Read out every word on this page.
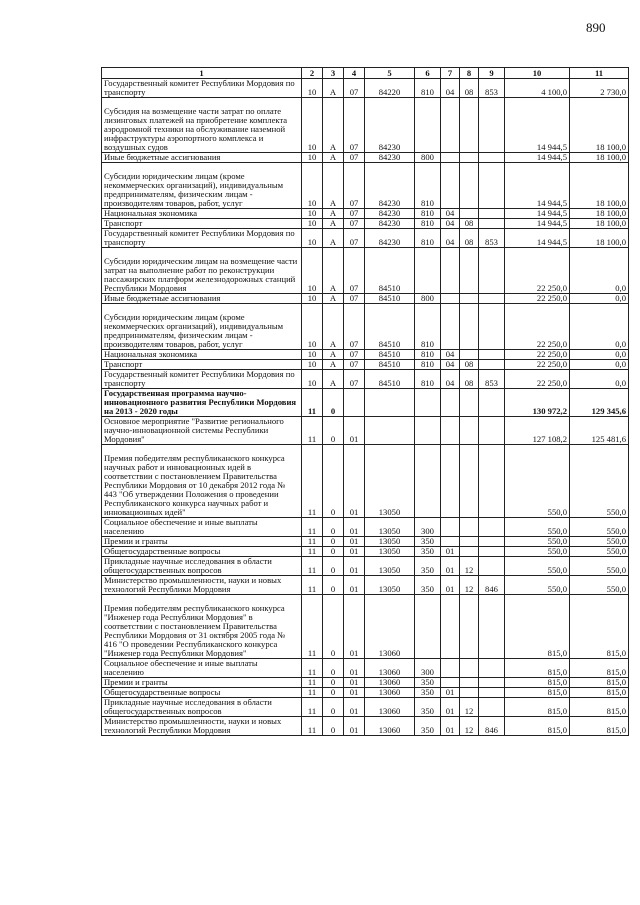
890
1	2	3	4	5	6	7	8	9	10	11
Государственный комитет Республики Мордовия по транспорту	10	А	07	84220	810	04	08	853	4 100,0	2 730,0
Субсидия на возмещение части затрат по оплате лизинговых платежей на приобретение комплекта аэродромной техники на обслуживание наземной инфраструктуры аэропортного комплекса и воздушных судов	10	А	07	84230					14 944,5	18 100,0
Иные бюджетные ассигнования	10	А	07	84230	800				14 944,5	18 100,0
Субсидии юридическим лицам (кроме некоммерческих организаций), индивидуальным предпринимателям, физическим лицам - производителям товаров, работ, услуг	10	А	07	84230	810				14 944,5	18 100,0
Национальная экономика	10	А	07	84230	810	04			14 944,5	18 100,0
Транспорт	10	А	07	84230	810	04	08		14 944,5	18 100,0
Государственный комитет Республики Мордовия по транспорту	10	А	07	84230	810	04	08	853	14 944,5	18 100,0
Субсидии юридическим лицам на возмещение части затрат на выполнение работ по реконструкции пассажирских платформ железнодорожных станций Республики Мордовия	10	А	07	84510					22 250,0	0,0
Иные бюджетные ассигнования	10	А	07	84510	800				22 250,0	0,0
Субсидии юридическим лицам (кроме некоммерческих организаций), индивидуальным предпринимателям, физическим лицам - производителям товаров, работ, услуг	10	А	07	84510	810				22 250,0	0,0
Национальная экономика	10	А	07	84510	810	04			22 250,0	0,0
Транспорт	10	А	07	84510	810	04	08		22 250,0	0,0
Государственный комитет Республики Мордовия по транспорту	10	А	07	84510	810	04	08	853	22 250,0	0,0
Государственная программа научно-инновационного развития Республики Мордовия на 2013 - 2020 годы	11	0							130 972,2	129 345,6
Основное мероприятие "Развитие регионального научно-инновационной системы Республики Мордовия"	11	0	01						127 108,2	125 481,6
Премия победителям республиканского конкурса научных работ и инновационных идей в соответствии с постановлением Правительства Республики Мордовия от 10 декабря 2012 года № 443 "Об утверждении Положения о проведении Республиканского конкурса научных работ и инновационных идей"	11	0	01	13050					550,0	550,0
Социальное обеспечение и иные выплаты населению	11	0	01	13050	300				550,0	550,0
Премии и гранты	11	0	01	13050	350				550,0	550,0
Общегосударственные вопросы	11	0	01	13050	350	01			550,0	550,0
Прикладные научные исследования в области общегосударственных вопросов	11	0	01	13050	350	01	12		550,0	550,0
Министерство промышленности, науки и новых технологий Республики Мордовия	11	0	01	13050	350	01	12	846	550,0	550,0
Премия победителям республиканского конкурса "Инженер года Республики Мордовия" в соответствии с постановлением Правительства Республики Мордовия от 31 октября 2005 года № 416 "О проведении Республиканского конкурса "Инженер года Республики Мордовия"	11	0	01	13060					815,0	815,0
Социальное обеспечение и иные выплаты населению	11	0	01	13060	300				815,0	815,0
Премии и гранты	11	0	01	13060	350				815,0	815,0
Общегосударственные вопросы	11	0	01	13060	350	01			815,0	815,0
Прикладные научные исследования в области общегосударственных вопросов	11	0	01	13060	350	01	12		815,0	815,0
Министерство промышленности, науки и новых технологий Республики Мордовия	11	0	01	13060	350	01	12	846	815,0	815,0
